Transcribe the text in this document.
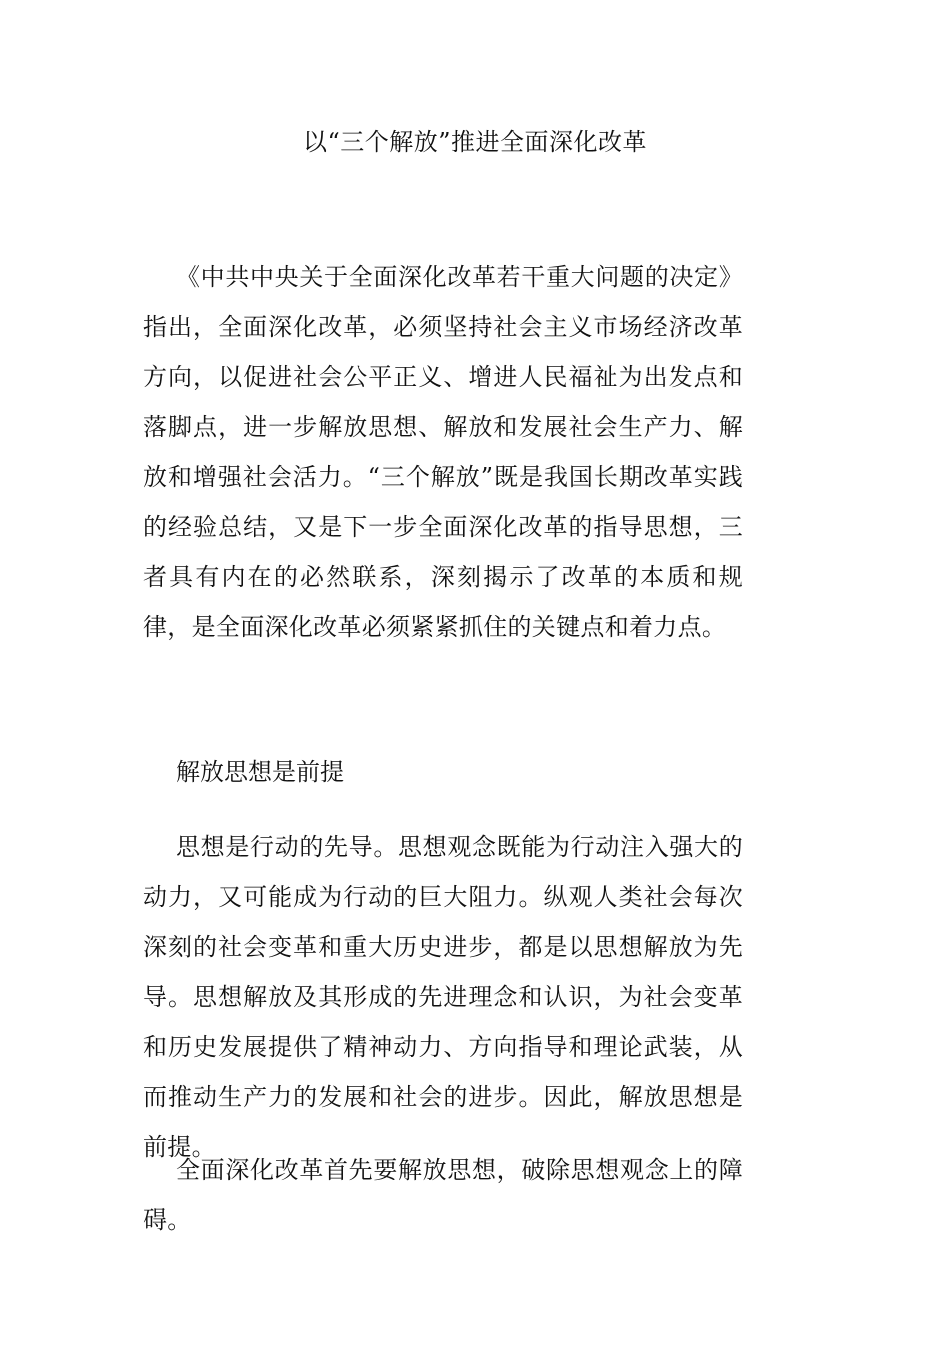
以“三个解放”推进全面深化改革

《中共中央关于全面深化改革若干重大问题的决定》指出，全面深化改革，必须坚持社会主义市场经济改革方向，以促进社会公平正义、增进人民福祉为出发点和落脚点，进一步解放思想、解放和发展社会生产力、解放和增强社会活力。“三个解放”既是我国长期改革实践的经验总结，又是下一步全面深化改革的指导思想，三者具有内在的必然联系，深刻揭示了改革的本质和规律，是全面深化改革必须紧紧抓住的关键点和着力点。

解放思想是前提

思想是行动的先导。思想观念既能为行动注入强大的动力，又可能成为行动的巨大阻力。纵观人类社会每次深刻的社会变革和重大历史进步，都是以思想解放为先导。思想解放及其形成的先进理念和认识，为社会变革和历史发展提供了精神动力、方向指导和理论武装，从而推动生产力的发展和社会的进步。因此，解放思想是前提。

全面深化改革首先要解放思想，破除思想观念上的障碍。
